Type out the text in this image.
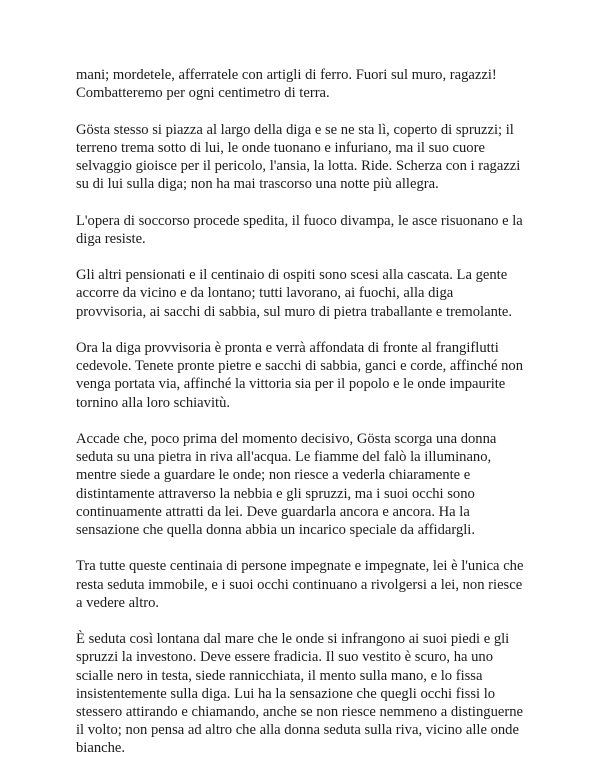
mani; mordetele, afferratele con artigli di ferro. Fuori sul muro, ragazzi! Combatteremo per ogni centimetro di terra.

Gösta stesso si piazza al largo della diga e se ne sta lì, coperto di spruzzi; il terreno trema sotto di lui, le onde tuonano e infuriano, ma il suo cuore selvaggio gioisce per il pericolo, l'ansia, la lotta. Ride. Scherza con i ragazzi su di lui sulla diga; non ha mai trascorso una notte più allegra.

L'opera di soccorso procede spedita, il fuoco divampa, le asce risuonano e la diga resiste.

Gli altri pensionati e il centinaio di ospiti sono scesi alla cascata. La gente accorre da vicino e da lontano; tutti lavorano, ai fuochi, alla diga provvisoria, ai sacchi di sabbia, sul muro di pietra traballante e tremolante.

Ora la diga provvisoria è pronta e verrà affondata di fronte al frangiflutti cedevole. Tenete pronte pietre e sacchi di sabbia, ganci e corde, affinché non venga portata via, affinché la vittoria sia per il popolo e le onde impaurite tornino alla loro schiavitù.

Accade che, poco prima del momento decisivo, Gösta scorga una donna seduta su una pietra in riva all'acqua. Le fiamme del falò la illuminano, mentre siede a guardare le onde; non riesce a vederla chiaramente e distintamente attraverso la nebbia e gli spruzzi, ma i suoi occhi sono continuamente attratti da lei. Deve guardarla ancora e ancora. Ha la sensazione che quella donna abbia un incarico speciale da affidargli.

Tra tutte queste centinaia di persone impegnate e impegnate, lei è l'unica che resta seduta immobile, e i suoi occhi continuano a rivolgersi a lei, non riesce a vedere altro.

È seduta così lontana dal mare che le onde si infrangono ai suoi piedi e gli spruzzi la investono. Deve essere fradicia. Il suo vestito è scuro, ha uno scialle nero in testa, siede rannicchiata, il mento sulla mano, e lo fissa insistentemente sulla diga. Lui ha la sensazione che quegli occhi fissi lo stessero attirando e chiamando, anche se non riesce nemmeno a distinguerne il volto; non pensa ad altro che alla donna seduta sulla riva, vicino alle onde bianche.
